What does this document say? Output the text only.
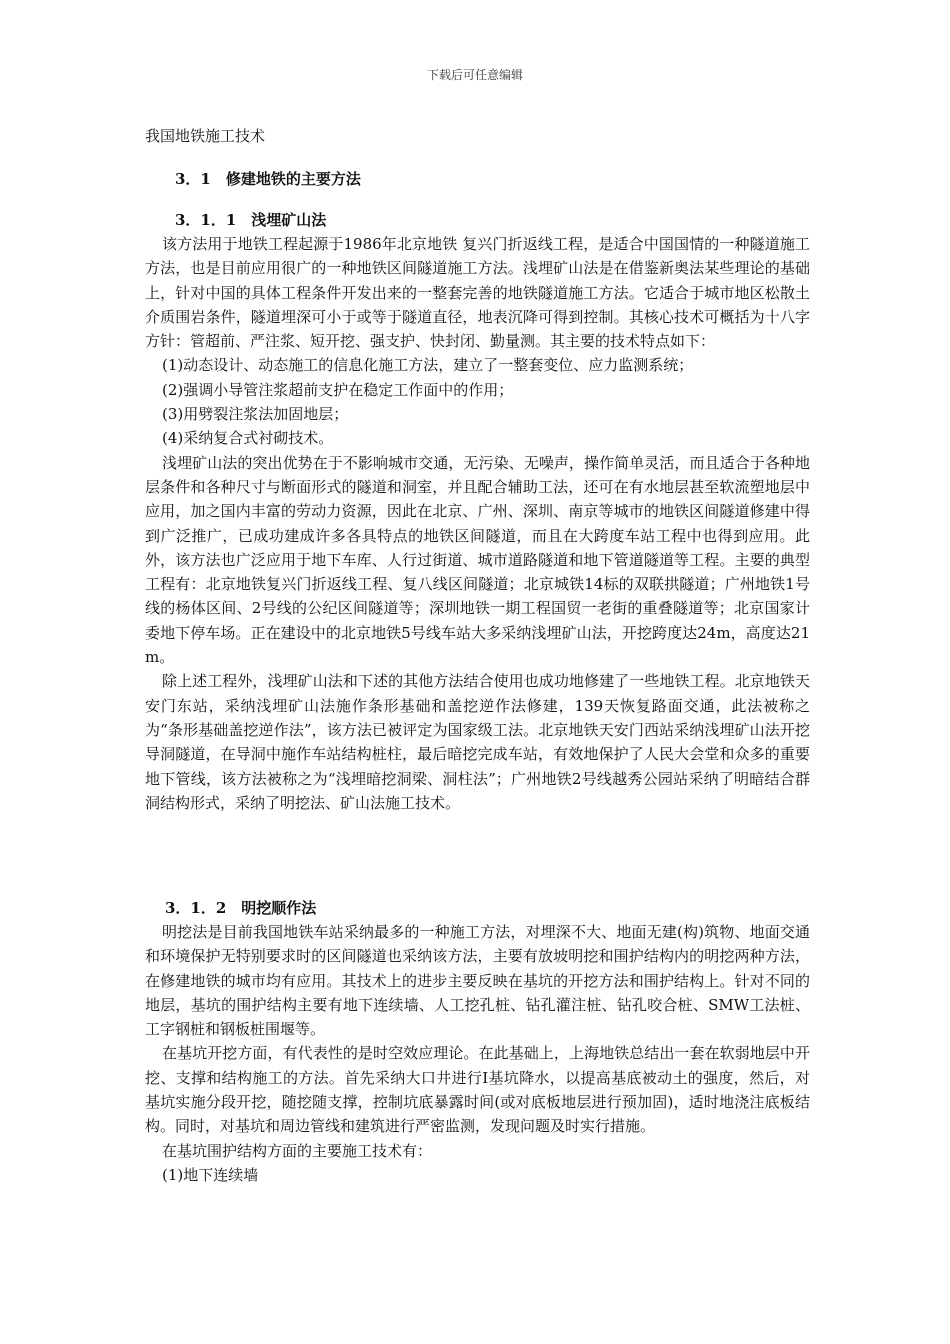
下载后可任意编辑
我国地铁施工技术
3．1　修建地铁的主要方法
3．1．1　浅埋矿山法

该方法用于地铁工程起源于1986年北京地铁 复兴门折返线工程，是适合中国国情的一种隧道施工方法，也是目前应用很广的一种地铁区间隧道施工方法。浅埋矿山法是在借鉴新奥法某些理论的基础上，针对中国的具体工程条件开发出来的一整套完善的地铁隧道施工方法。它适合于城市地区松散土介质围岩条件，隧道埋深可小于或等于隧道直径，地表沉降可得到控制。其核心技术可概括为十八字方针：管超前、严注浆、短开挖、强支护、快封闭、勤量测。其主要的技术特点如下：

(1)动态设计、动态施工的信息化施工方法，建立了一整套变位、应力监测系统；

(2)强调小导管注浆超前支护在稳定工作面中的作用；

(3)用劈裂注浆法加固地层；

(4)采纳复合式衬砌技术。

浅埋矿山法的突出优势在于不影响城市交通，无污染、无噪声，操作简单灵活，而且适合于各种地层条件和各种尺寸与断面形式的隧道和洞室，并且配合辅助工法，还可在有水地层甚至软流塑地层中应用，加之国内丰富的劳动力资源，因此在北京、广州、深圳、南京等城市的地铁区间隧道修建中得到广泛推广，已成功建成许多各具特点的地铁区间隧道，而且在大跨度车站工程中也得到应用。此外，该方法也广泛应用于地下车库、人行过街道、城市道路隧道和地下管道隧道等工程。主要的典型工程有：北京地铁复兴门折返线工程、复八线区间隧道；北京城铁14标的双联拱隧道；广州地铁1号线的杨体区间、2号线的公纪区间隧道等；深圳地铁一期工程国贸一老街的重叠隧道等；北京国家计委地下停车场。正在建设中的北京地铁5号线车站大多采纳浅埋矿山法，开挖跨度达24m，高度达21 m。

除上述工程外，浅埋矿山法和下述的其他方法结合使用也成功地修建了一些地铁工程。北京地铁天安门东站，采纳浅埋矿山法施作条形基础和盖挖逆作法修建，139天恢复路面交通，此法被称之为“条形基础盖挖逆作法”，该方法已被评定为国家级工法。北京地铁天安门西站采纳浅埋矿山法开挖导洞隧道，在导洞中施作车站结构桩柱，最后暗挖完成车站，有效地保护了人民大会堂和众多的重要地下管线，该方法被称之为“浅埋暗挖洞梁、洞柱法”；广州地铁2号线越秀公园站采纳了明暗结合群洞结构形式，采纳了明挖法、矿山法施工技术。

3．1．2　明挖顺作法

明挖法是目前我国地铁车站采纳最多的一种施工方法，对埋深不大、地面无建(构)筑物、地面交通和环境保护无特别要求时的区间隧道也采纳该方法，主要有放坡明挖和围护结构内的明挖两种方法，在修建地铁的城市均有应用。其技术上的进步主要反映在基坑的开挖方法和围护结构上。针对不同的地层，基坑的围护结构主要有地下连续墙、人工挖孔桩、钻孔灌注桩、钻孔咬合桩、SMW工法桩、工字钢桩和钢板桩围堰等。

在基坑开挖方面，有代表性的是时空效应理论。在此基础上，上海地铁总结出一套在软弱地层中开挖、支撑和结构施工的方法。首先采纳大口井进行Ⅰ基坑降水，以提高基底被动土的强度，然后，对基坑实施分段开挖，随挖随支撑，控制坑底暴露时间(或对底板地层进行预加固)，适时地浇注底板结构。同时，对基坑和周边管线和建筑进行严密监测，发现问题及时实行措施。

在基坑围护结构方面的主要施工技术有：

(1)地下连续墙
